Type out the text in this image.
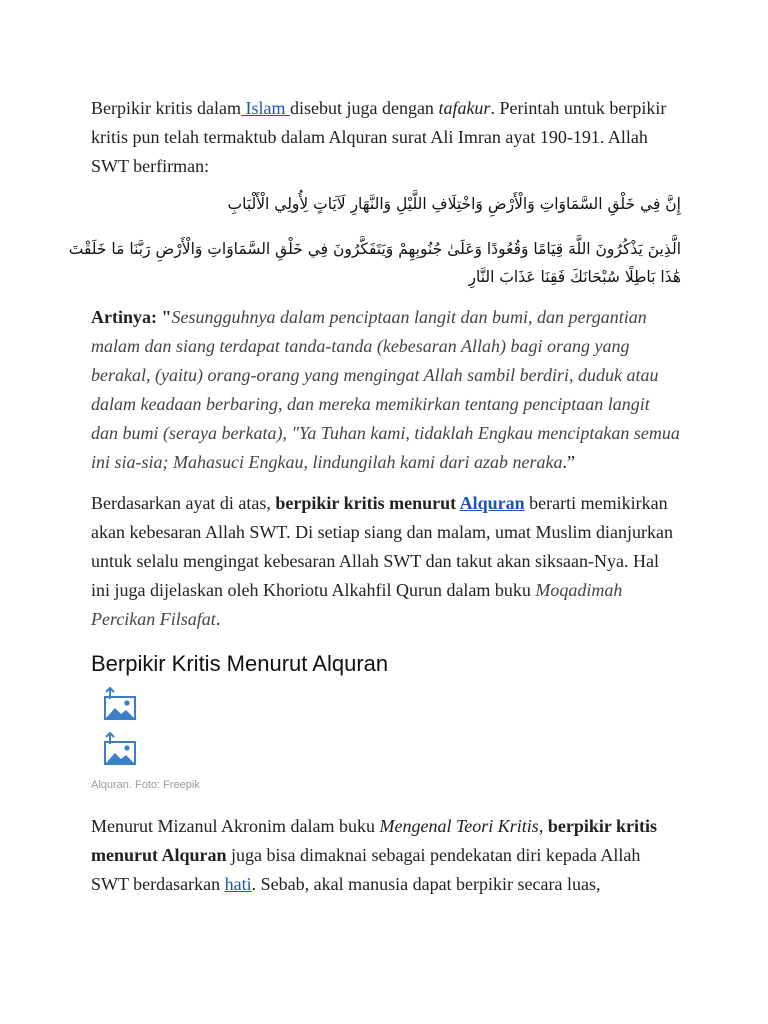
Berpikir kritis dalam Islam disebut juga dengan tafakur. Perintah untuk berpikir kritis pun telah termaktub dalam Alquran surat Ali Imran ayat 190-191. Allah SWT berfirman:

إِنَّ فِي خَلْقِ السَّمَاوَاتِ وَالْأَرْضِ وَاخْتِلَافِ اللَّيْلِ وَالنَّهَارِ لَآيَاتٍ لِأُولِي الْأَلْبَابِ
الَّذِينَ يَذْكُرُونَ اللَّهَ قِيَامًا وَقُعُودًا وَعَلَىٰ جُنُوبِهِمْ وَيَتَفَكَّرُونَ فِي خَلْقِ السَّمَاوَاتِ وَالْأَرْضِ رَبَّنَا مَا خَلَقْتَ
هَٰذَا بَاطِلًا سُبْحَانَكَ فَقِنَا عَذَابَ النَّارِ

Artinya: "Sesungguhnya dalam penciptaan langit dan bumi, dan pergantian malam dan siang terdapat tanda-tanda (kebesaran Allah) bagi orang yang berakal, (yaitu) orang-orang yang mengingat Allah sambil berdiri, duduk atau dalam keadaan berbaring, dan mereka memikirkan tentang penciptaan langit dan bumi (seraya berkata), "Ya Tuhan kami, tidaklah Engkau menciptakan semua ini sia-sia; Mahasuci Engkau, lindungilah kami dari azab neraka.”

Berdasarkan ayat di atas, berpikir kritis menurut Alquran berarti memikirkan akan kebesaran Allah SWT. Di setiap siang dan malam, umat Muslim dianjurkan untuk selalu mengingat kebesaran Allah SWT dan takut akan siksaan-Nya. Hal ini juga dijelaskan oleh Khoriotu Alkahfil Qurun dalam buku Moqadimah Percikan Filsafat.

Berpikir Kritis Menurut Alquran
Alquran. Foto: Freepik

Menurut Mizanul Akronim dalam buku Mengenal Teori Kritis, berpikir kritis menurut Alquran juga bisa dimaknai sebagai pendekatan diri kepada Allah SWT berdasarkan hati. Sebab, akal manusia dapat berpikir secara luas,
